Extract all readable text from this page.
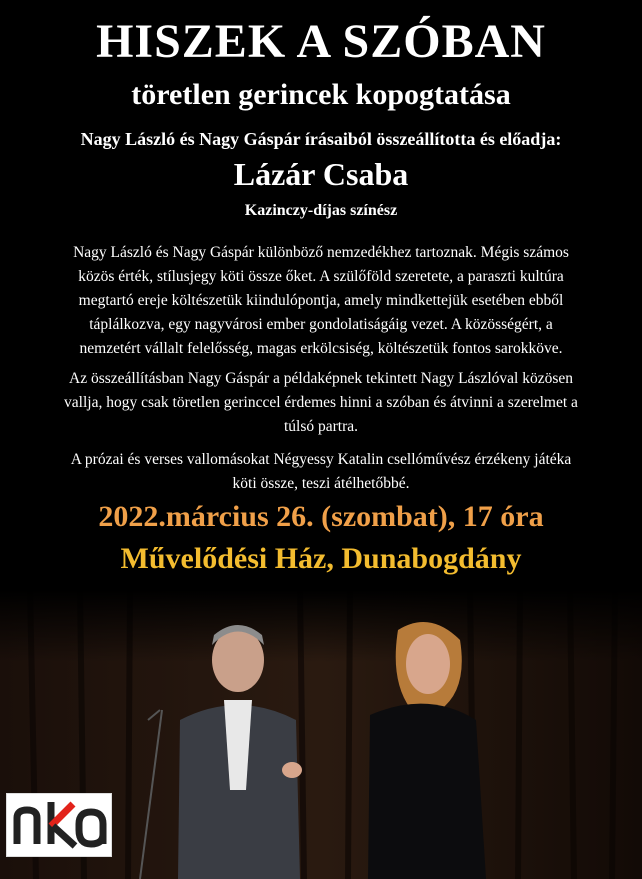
HISZEK A SZÓBAN
töretlen gerincek kopogtatása
Nagy László és Nagy Gáspár írásaiból összeállította és előadja:
Lázár Csaba
Kazinczy-díjas színész
Nagy László és Nagy Gáspár különböző nemzedékhez tartoznak. Mégis számos
közös érték, stílusjegy köti össze őket. A szülőföld szeretete, a paraszti kultúra
megtartó ereje költészetük kiindulópontja, amely mindkettejük esetében ebből
táplálkozva, egy nagyvárosi ember gondolatiságáig vezet. A közösségért, a
nemzetért vállalt felelősség, magas erkölcsiség, költészetük fontos sarokköve.
Az összeállításban Nagy Gáspár a példaképnek tekintett Nagy Lászlóval közösen
vallja, hogy csak töretlen gerinccel érdemes hinni a szóban és átvinni a szerelmet a
túlsó partra.
A prózai és verses vallomásokat Négyessy Katalin csellóművész érzékeny játéka
köti össze, teszi átélhetőbbé.
2022.március 26. (szombat), 17 óra
Művelődési Ház, Dunabogdány
